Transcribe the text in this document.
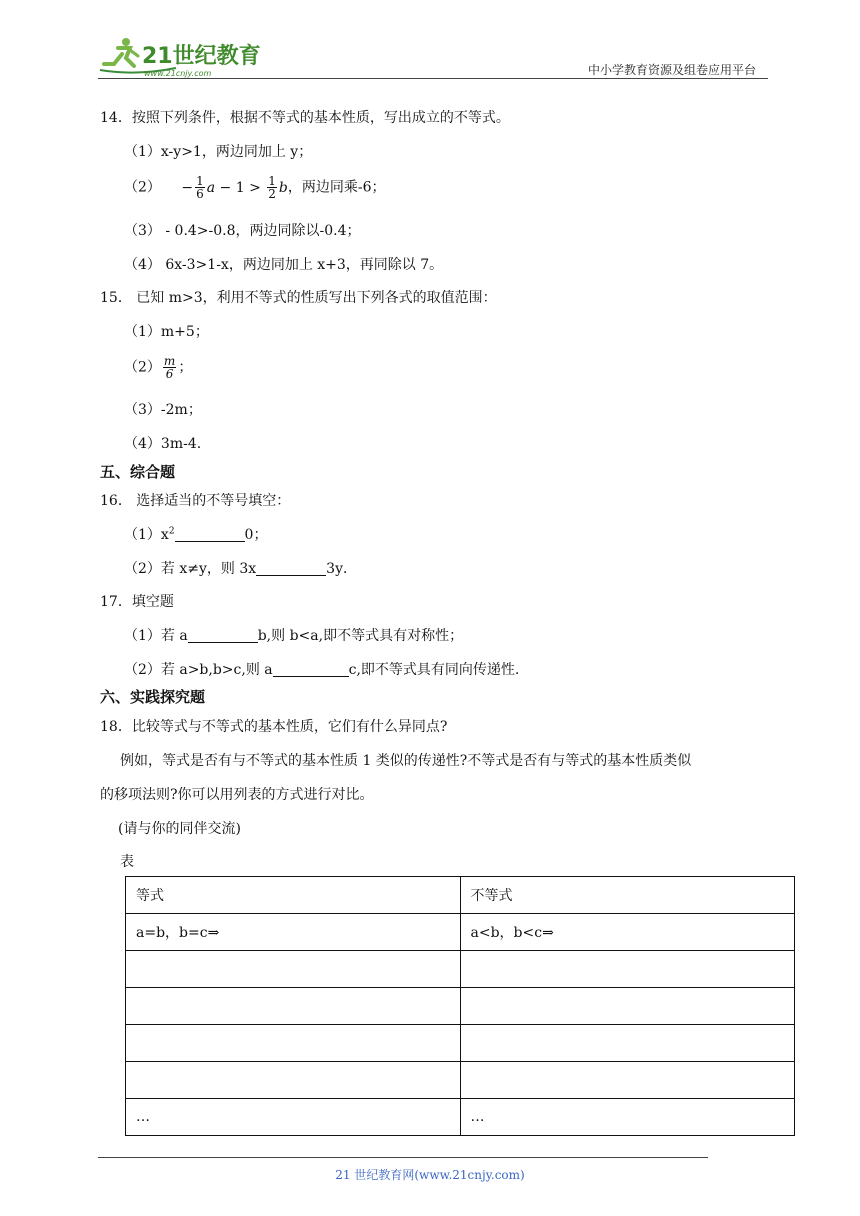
21世纪教育
www.21cnjy.com	中小学教育资源及组卷应用平台
14．按照下列条件，根据不等式的基本性质，写出成立的不等式。
（1）x-y>1，两边同加上 y；
$(2) - \frac{1}{6}$ $a - 1 > \frac{1}{2}$ b，两边同乘-6；
（3） - 0.4>-0.8，两边同除以-0.4；
（4） 6x-3>1-x，两边同加上 x+3，再同除以 7。
15． 已知 m>3，利用不等式的性质写出下列各式的取值范围：
（1）m+5；
$(2) \frac{m}{6}$ ；
（3）-2m；
（4）3m-4.
五、综合题
16． 选择适当的不等号填空：
$(1)x^2$	0；
（2）若 x≠y，则 3x	3y．
17．填空题
（1）若 a	b,则 b<a,即不等式具有对称性；
（2）若 a>b,b>c,则 a	c,即不等式具有同向传递性.
六、实践探究题
18．比较等式与不等式的基本性质，它们有什么异同点?
例如，等式是否有与不等式的基本性质 1 类似的传递性?不等式是否有与等式的基本性质类似
的移项法则?你可以用列表的方式进行对比。
(请与你的同伴交流)
表
等式	不等式
a=b，b=c⇒	a<b，b<c⇒

…	…
21 世纪教育网(www.21cnjy.com)
